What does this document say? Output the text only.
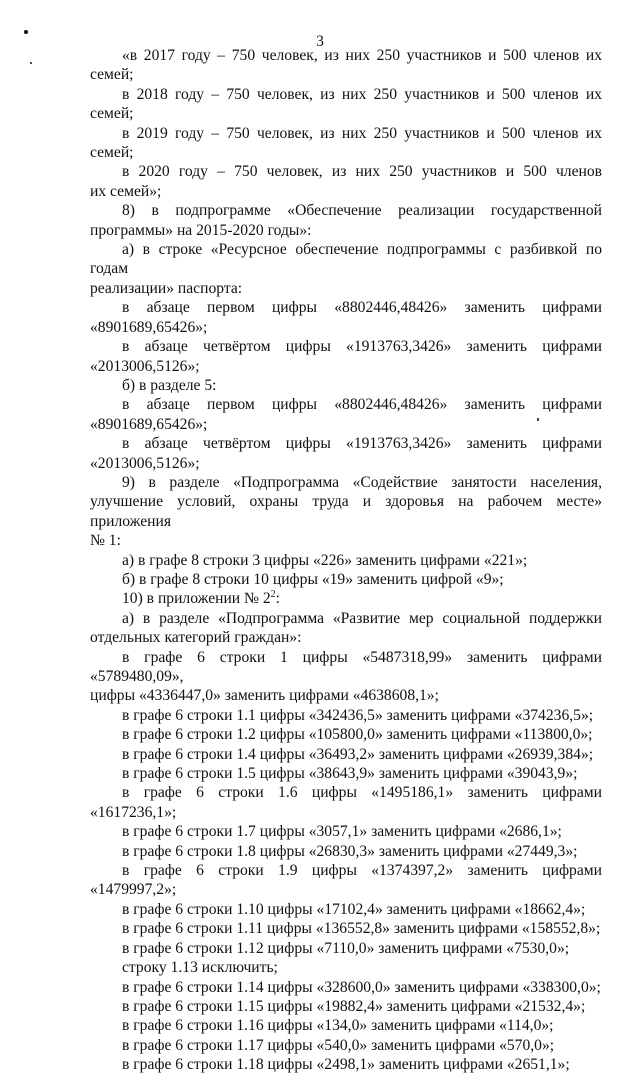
3

«в 2017 году – 750 человек, из них 250 участников и 500 членов их семей;

в 2018 году – 750 человек, из них 250 участников и 500 членов их семей;

в 2019 году – 750 человек, из них 250 участников и 500 членов их семей;

в 2020 году – 750 человек, из них 250 участников и 500 членов

их семей»;

8) в подпрограмме «Обеспечение реализации государственной

программы» на 2015-2020 годы»:

а) в строке «Ресурсное обеспечение подпрограммы с разбивкой по годам

реализации» паспорта:

в абзаце первом цифры «8802446,48426» заменить цифрами

«8901689,65426»;

в абзаце четвёртом цифры «1913763,3426» заменить цифрами

«2013006,5126»;

б) в разделе 5:

в абзаце первом цифры «8802446,48426» заменить цифрами

«8901689,65426»;

в абзаце четвёртом цифры «1913763,3426» заменить цифрами

«2013006,5126»;

9) в разделе «Подпрограмма «Содействие занятости населения,

улучшение условий, охраны труда и здоровья на рабочем месте» приложения

№ 1:

а) в графе 8 строки 3 цифры «226» заменить цифрами «221»;

б) в графе 8 строки 10 цифры «19» заменить цифрой «9»;

10) в приложении № $2^2$:

а) в разделе «Подпрограмма «Развитие мер социальной поддержки

отдельных категорий граждан»:

в графе 6 строки 1 цифры «5487318,99» заменить цифрами «5789480,09»,

цифры «4336447,0» заменить цифрами «4638608,1»;

в графе 6 строки 1.1 цифры «342436,5» заменить цифрами «374236,5»;

в графе 6 строки 1.2 цифры «105800,0» заменить цифрами «113800,0»;

в графе 6 строки 1.4 цифры «36493,2» заменить цифрами «26939,384»;

в графе 6 строки 1.5 цифры «38643,9» заменить цифрами «39043,9»;

в графе 6 строки 1.6 цифры «1495186,1» заменить цифрами «1617236,1»;

в графе 6 строки 1.7 цифры «3057,1» заменить цифрами «2686,1»;

в графе 6 строки 1.8 цифры «26830,3» заменить цифрами «27449,3»;

в графе 6 строки 1.9 цифры «1374397,2» заменить цифрами «1479997,2»;

в графе 6 строки 1.10 цифры «17102,4» заменить цифрами «18662,4»;

в графе 6 строки 1.11 цифры «136552,8» заменить цифрами «158552,8»;

в графе 6 строки 1.12 цифры «7110,0» заменить цифрами «7530,0»;

строку 1.13 исключить;

в графе 6 строки 1.14 цифры «328600,0» заменить цифрами «338300,0»;

в графе 6 строки 1.15 цифры «19882,4» заменить цифрами «21532,4»;

в графе 6 строки 1.16 цифры «134,0» заменить цифрами «114,0»;

в графе 6 строки 1.17 цифры «540,0» заменить цифрами «570,0»;

в графе 6 строки 1.18 цифры «2498,1» заменить цифрами «2651,1»;
